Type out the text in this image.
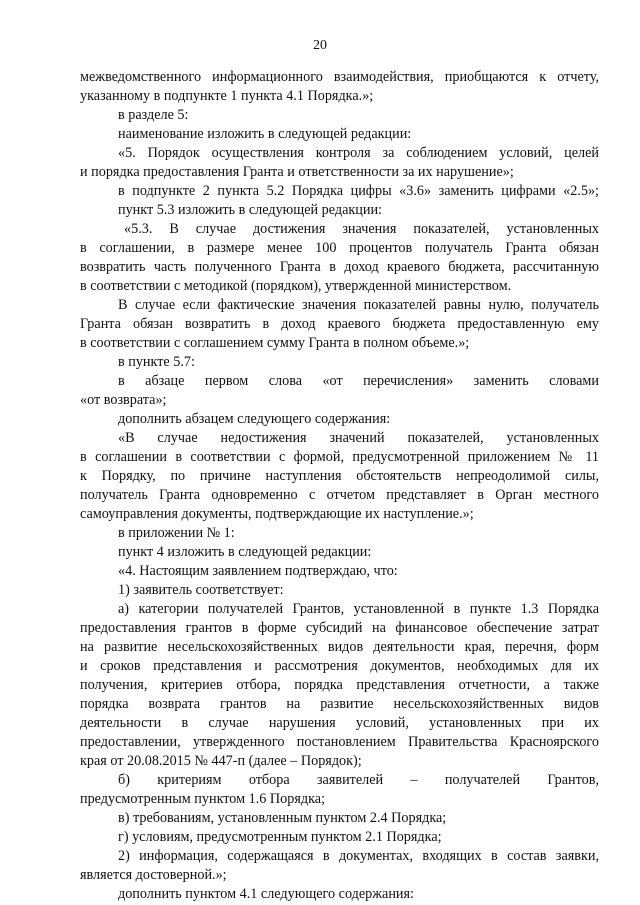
20
межведомственного информационного взаимодействия, приобщаются к отчету,
указанному в подпункте 1 пункта 4.1 Порядка.»;
в разделе 5:
наименование изложить в следующей редакции:
«5. Порядок осуществления контроля за соблюдением условий, целей
и порядка предоставления Гранта и ответственности за их нарушение»;
в подпункте 2 пункта 5.2 Порядка цифры «3.6» заменить цифрами «2.5»;
пункт 5.3 изложить в следующей редакции:
«5.3. В случае достижения значения показателей, установленных
в соглашении, в размере менее 100 процентов получатель Гранта обязан
возвратить часть полученного Гранта в доход краевого бюджета, рассчитанную
в соответствии с методикой (порядком), утвержденной министерством.
В случае если фактические значения показателей равны нулю, получатель
Гранта обязан возвратить в доход краевого бюджета предоставленную ему
в соответствии с соглашением сумму Гранта в полном объеме.»;
в пункте 5.7:
в абзаце первом слова «от перечисления» заменить словами
«от возврата»;
дополнить абзацем следующего содержания:
«В случае недостижения значений показателей, установленных
в соглашении в соответствии с формой, предусмотренной приложением № 11
к Порядку, по причине наступления обстоятельств непреодолимой силы,
получатель Гранта одновременно с отчетом представляет в Орган местного
самоуправления документы, подтверждающие их наступление.»;
в приложении № 1:
пункт 4 изложить в следующей редакции:
«4. Настоящим заявлением подтверждаю, что:
1) заявитель соответствует:
а) категории получателей Грантов, установленной в пункте 1.3 Порядка
предоставления грантов в форме субсидий на финансовое обеспечение затрат
на развитие несельскохозяйственных видов деятельности края, перечня, форм
и сроков представления и рассмотрения документов, необходимых для их
получения, критериев отбора, порядка представления отчетности, а также
порядка возврата грантов на развитие несельскохозяйственных видов
деятельности в случае нарушения условий, установленных при их
предоставлении, утвержденного постановлением Правительства Красноярского
края от 20.08.2015 № 447-п (далее – Порядок);
б) критериям отбора заявителей – получателей Грантов,
предусмотренным пунктом 1.6 Порядка;
в) требованиям, установленным пунктом 2.4 Порядка;
г) условиям, предусмотренным пунктом 2.1 Порядка;
2) информация, содержащаяся в документах, входящих в состав заявки,
является достоверной.»;
дополнить пунктом 4.1 следующего содержания:
